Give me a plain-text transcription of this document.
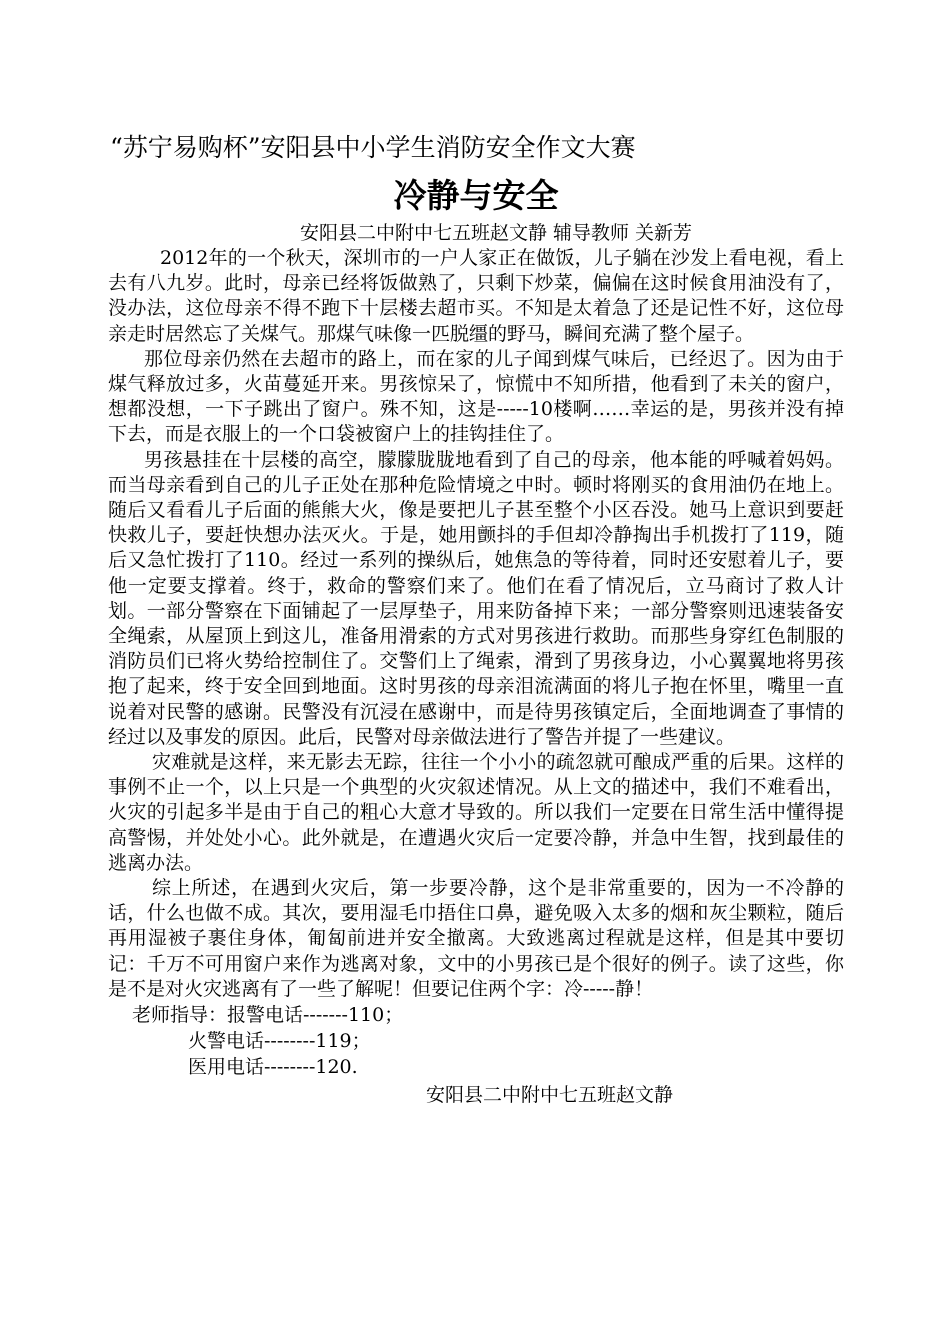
“苏宁易购杯”安阳县中小学生消防安全作文大赛
冷静与安全
安阳县二中附中七五班赵文静 辅导教师 关新芳

2012年的一个秋天，深圳市的一户人家正在做饭，儿子躺在沙发上看电视，看上去有八九岁。此时，母亲已经将饭做熟了，只剩下炒菜，偏偏在这时候食用油没有了，没办法，这位母亲不得不跑下十层楼去超市买。不知是太着急了还是记性不好，这位母亲走时居然忘了关煤气。那煤气味像一匹脱缰的野马，瞬间充满了整个屋子。

那位母亲仍然在去超市的路上，而在家的儿子闻到煤气味后，已经迟了。因为由于煤气释放过多，火苗蔓延开来。男孩惊呆了，惊慌中不知所措，他看到了未关的窗户，想都没想，一下子跳出了窗户。殊不知，这是-----10楼啊……幸运的是，男孩并没有掉下去，而是衣服上的一个口袋被窗户上的挂钩挂住了。

男孩悬挂在十层楼的高空，朦朦胧胧地看到了自己的母亲，他本能的呼喊着妈妈。而当母亲看到自己的儿子正处在那种危险情境之中时。顿时将刚买的食用油仍在地上。随后又看看儿子后面的熊熊大火，像是要把儿子甚至整个小区吞没。她马上意识到要赶快救儿子，要赶快想办法灭火。于是，她用颤抖的手但却冷静掏出手机拨打了119，随后又急忙拨打了110。经过一系列的操纵后，她焦急的等待着，同时还安慰着儿子，要他一定要支撑着。终于，救命的警察们来了。他们在看了情况后，立马商讨了救人计划。一部分警察在下面铺起了一层厚垫子，用来防备掉下来；一部分警察则迅速装备安全绳索，从屋顶上到这儿，准备用滑索的方式对男孩进行救助。而那些身穿红色制服的消防员们已将火势给控制住了。交警们上了绳索，滑到了男孩身边，小心翼翼地将男孩抱了起来，终于安全回到地面。这时男孩的母亲泪流满面的将儿子抱在怀里，嘴里一直说着对民警的感谢。民警没有沉浸在感谢中，而是待男孩镇定后，全面地调查了事情的经过以及事发的原因。此后，民警对母亲做法进行了警告并提了一些建议。

灾难就是这样，来无影去无踪，往往一个小小的疏忽就可酿成严重的后果。这样的事例不止一个，以上只是一个典型的火灾叙述情况。从上文的描述中，我们不难看出，火灾的引起多半是由于自己的粗心大意才导致的。所以我们一定要在日常生活中懂得提高警惕，并处处小心。此外就是，在遭遇火灾后一定要冷静，并急中生智，找到最佳的逃离办法。

综上所述，在遇到火灾后，第一步要冷静，这个是非常重要的，因为一不冷静的话，什么也做不成。其次，要用湿毛巾捂住口鼻，避免吸入太多的烟和灰尘颗粒，随后再用湿被子裹住身体，匍匐前进并安全撤离。大致逃离过程就是这样，但是其中要切记：千万不可用窗户来作为逃离对象，文中的小男孩已是个很好的例子。读了这些，你是不是对火灾逃离有了一些了解呢！但要记住两个字：冷-----静！

老师指导：报警电话-------110；
火警电话--------119；
医用电话--------120.
安阳县二中附中七五班赵文静
